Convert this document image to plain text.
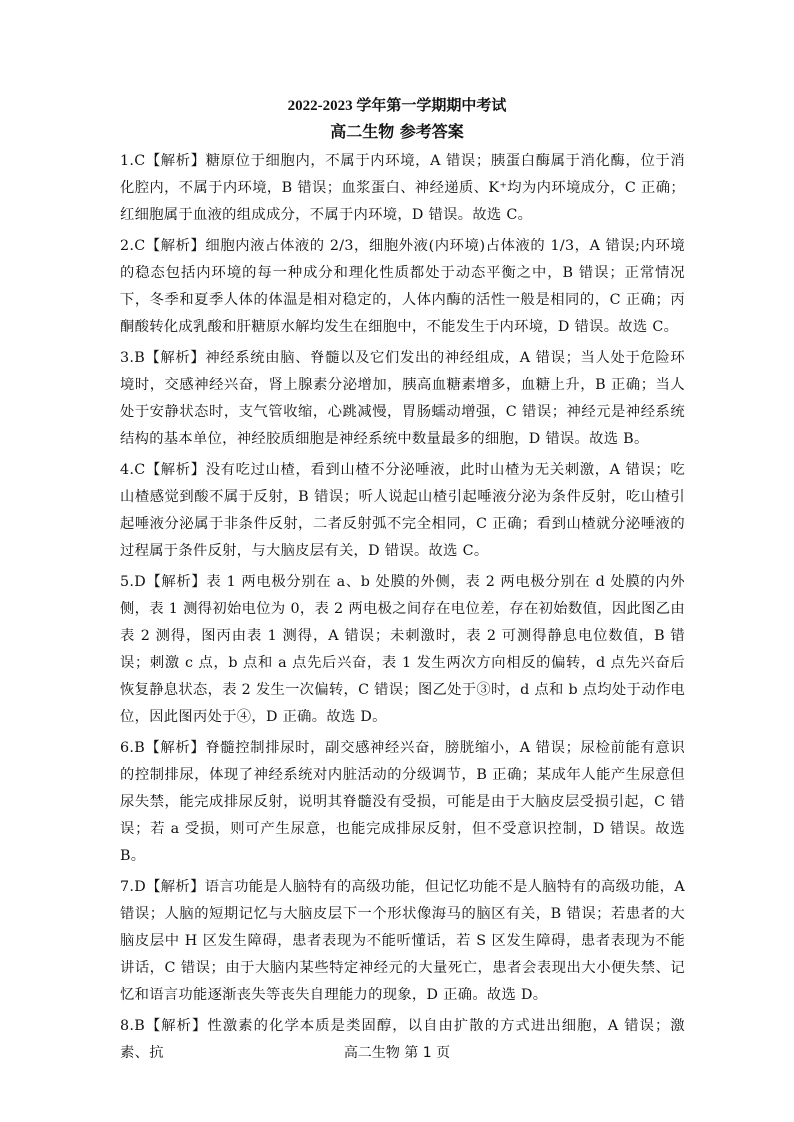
2022-2023 学年第一学期期中考试
高二生物 参考答案

1.C【解析】糖原位于细胞内，不属于内环境，A 错误；胰蛋白酶属于消化酶，位于消化腔内，不属于内环境，B 错误；血浆蛋白、神经递质、K⁺均为内环境成分，C 正确；红细胞属于血液的组成成分，不属于内环境，D 错误。故选 C。

2.C【解析】细胞内液占体液的 2/3，细胞外液(内环境)占体液的 1/3，A 错误;内环境的稳态包括内环境的每一种成分和理化性质都处于动态平衡之中，B 错误；正常情况下，冬季和夏季人体的体温是相对稳定的，人体内酶的活性一般是相同的，C 正确；丙酮酸转化成乳酸和肝糖原水解均发生在细胞中，不能发生于内环境，D 错误。故选 C。

3.B【解析】神经系统由脑、脊髓以及它们发出的神经组成，A 错误；当人处于危险环境时，交感神经兴奋，肾上腺素分泌增加，胰高血糖素增多，血糖上升，B 正确；当人处于安静状态时，支气管收缩，心跳减慢，胃肠蠕动增强，C 错误；神经元是神经系统结构的基本单位，神经胶质细胞是神经系统中数量最多的细胞，D 错误。故选 B。

4.C【解析】没有吃过山楂，看到山楂不分泌唾液，此时山楂为无关刺激，A 错误；吃山楂感觉到酸不属于反射，B 错误；听人说起山楂引起唾液分泌为条件反射，吃山楂引起唾液分泌属于非条件反射，二者反射弧不完全相同，C 正确；看到山楂就分泌唾液的过程属于条件反射，与大脑皮层有关，D 错误。故选 C。

5.D【解析】表 1 两电极分别在 a、b 处膜的外侧，表 2 两电极分别在 d 处膜的内外侧，表 1 测得初始电位为 0，表 2 两电极之间存在电位差，存在初始数值，因此图乙由表 2 测得，图丙由表 1 测得，A 错误；未刺激时，表 2 可测得静息电位数值，B 错误；刺激 c 点，b 点和 a 点先后兴奋，表 1 发生两次方向相反的偏转，d 点先兴奋后恢复静息状态，表 2 发生一次偏转，C 错误；图乙处于③时，d 点和 b 点均处于动作电位，因此图丙处于④，D 正确。故选 D。

6.B【解析】脊髓控制排尿时，副交感神经兴奋，膀胱缩小，A 错误；尿检前能有意识的控制排尿，体现了神经系统对内脏活动的分级调节，B 正确；某成年人能产生尿意但尿失禁，能完成排尿反射，说明其脊髓没有受损，可能是由于大脑皮层受损引起，C 错误；若 a 受损，则可产生尿意，也能完成排尿反射，但不受意识控制，D 错误。故选 B。

7.D【解析】语言功能是人脑特有的高级功能，但记忆功能不是人脑特有的高级功能，A 错误；人脑的短期记忆与大脑皮层下一个形状像海马的脑区有关，B 错误；若患者的大脑皮层中 H 区发生障碍，患者表现为不能听懂话，若 S 区发生障碍，患者表现为不能讲话，C 错误；由于大脑内某些特定神经元的大量死亡，患者会表现出大小便失禁、记忆和语言功能逐渐丧失等丧失自理能力的现象，D 正确。故选 D。

8.B【解析】性激素的化学本质是类固醇，以自由扩散的方式进出细胞，A 错误；激素、抗	高二生物 第 1 页
